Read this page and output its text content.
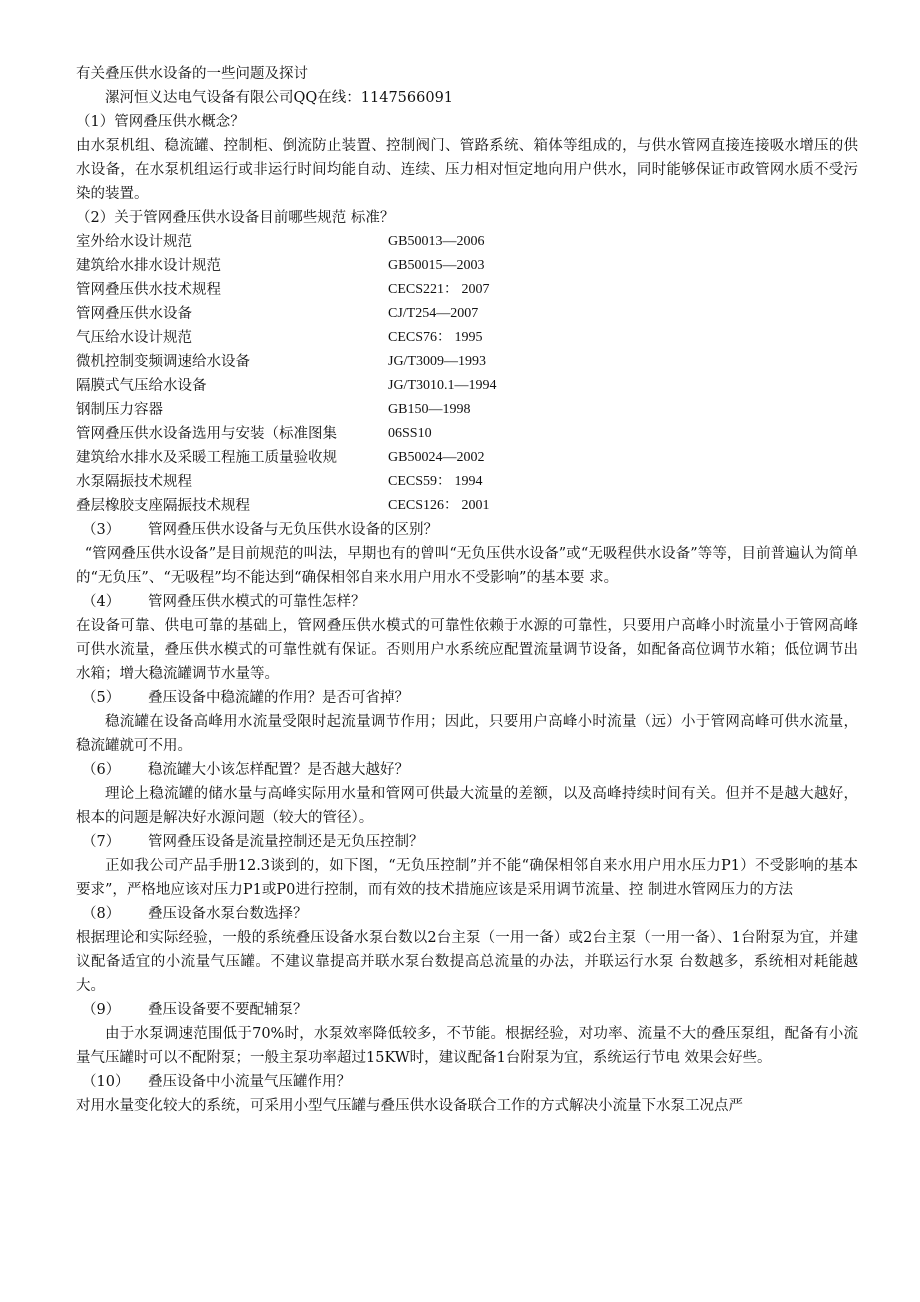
有关叠压供水设备的一些问题及探讨

漯河恒义达电气设备有限公司QQ在线：1147566091

（1）管网叠压供水概念？

由水泵机组、稳流罐、控制柜、倒流防止装置、控制阀门、管路系统、箱体等组成的，与供水管网直接连接吸水增压的供水设备，在水泵机组运行或非运行时间均能自动、连续、压力相对恒定地向用户供水，同时能够保证市政管网水质不受污染的装置。

（2）关于管网叠压供水设备目前哪些规范 标准？

室外给水设计规范	GB50013—2006
建筑给水排水设计规范	GB50015—2003
管网叠压供水技术规程	CECS221： 2007
管网叠压供水设备	CJ/T254—2007
气压给水设计规范	CECS76： 1995
微机控制变频调速给水设备	JG/T3009—1993
隔膜式气压给水设备	JG/T3010.1—1994
钢制压力容器	GB150—1998
管网叠压供水设备选用与安装（标准图集	06SS10
建筑给水排水及采暖工程施工质量验收规	GB50024—2002
水泵隔振技术规程	CECS59： 1994
叠层橡胶支座隔振技术规程	CECS126： 2001
（3）	管网叠压供水设备与无负压供水设备的区别？

“管网叠压供水设备”是目前规范的叫法，早期也有的曾叫“无负压供水设备”或“无吸程供水设备”等等，目前普遍认为简单的“无负压”、“无吸程”均不能达到“确保相邻自来水用户用水不受影响”的基本要 求。

（4）	管网叠压供水模式的可靠性怎样？

在设备可靠、供电可靠的基础上，管网叠压供水模式的可靠性依赖于水源的可靠性，只要用户高峰小时流量小于管网高峰可供水流量，叠压供水模式的可靠性就有保证。否则用户水系统应配置流量调节设备，如配备高位调节水箱；低位调节出水箱；增大稳流罐调节水量等。

（5）	叠压设备中稳流罐的作用？是否可省掉？

稳流罐在设备高峰用水流量受限时起流量调节作用；因此，只要用户高峰小时流量（远）小于管网高峰可供水流量，稳流罐就可不用。

（6）	稳流罐大小该怎样配置？是否越大越好？

理论上稳流罐的储水量与高峰实际用水量和管网可供最大流量的差额，以及高峰持续时间有关。但并不是越大越好，根本的问题是解决好水源问题（较大的管径）。

（7）	管网叠压设备是流量控制还是无负压控制？

正如我公司产品手册12.3谈到的，如下图，“无负压控制”并不能“确保相邻自来水用户用水压力P1）不受影响的基本要求”，严格地应该对压力P1或P0进行控制，而有效的技术措施应该是采用调节流量、控 制进水管网压力的方法

（8）	叠压设备水泵台数选择？

根据理论和实际经验，一般的系统叠压设备水泵台数以2台主泵（一用一备）或2台主泵（一用一备）、1台附泵为宜，并建议配备适宜的小流量气压罐。不建议靠提高并联水泵台数提高总流量的办法，并联运行水泵 台数越多，系统相对耗能越大。

（9）	叠压设备要不要配辅泵？

由于水泵调速范围低于70%时，水泵效率降低较多，不节能。根据经验，对功率、流量不大的叠压泵组，配备有小流量气压罐时可以不配附泵；一般主泵功率超过15KW时，建议配备1台附泵为宜，系统运行节电 效果会好些。

（10）	叠压设备中小流量气压罐作用？

对用水量变化较大的系统，可采用小型气压罐与叠压供水设备联合工作的方式解决小流量下水泵工况点严
